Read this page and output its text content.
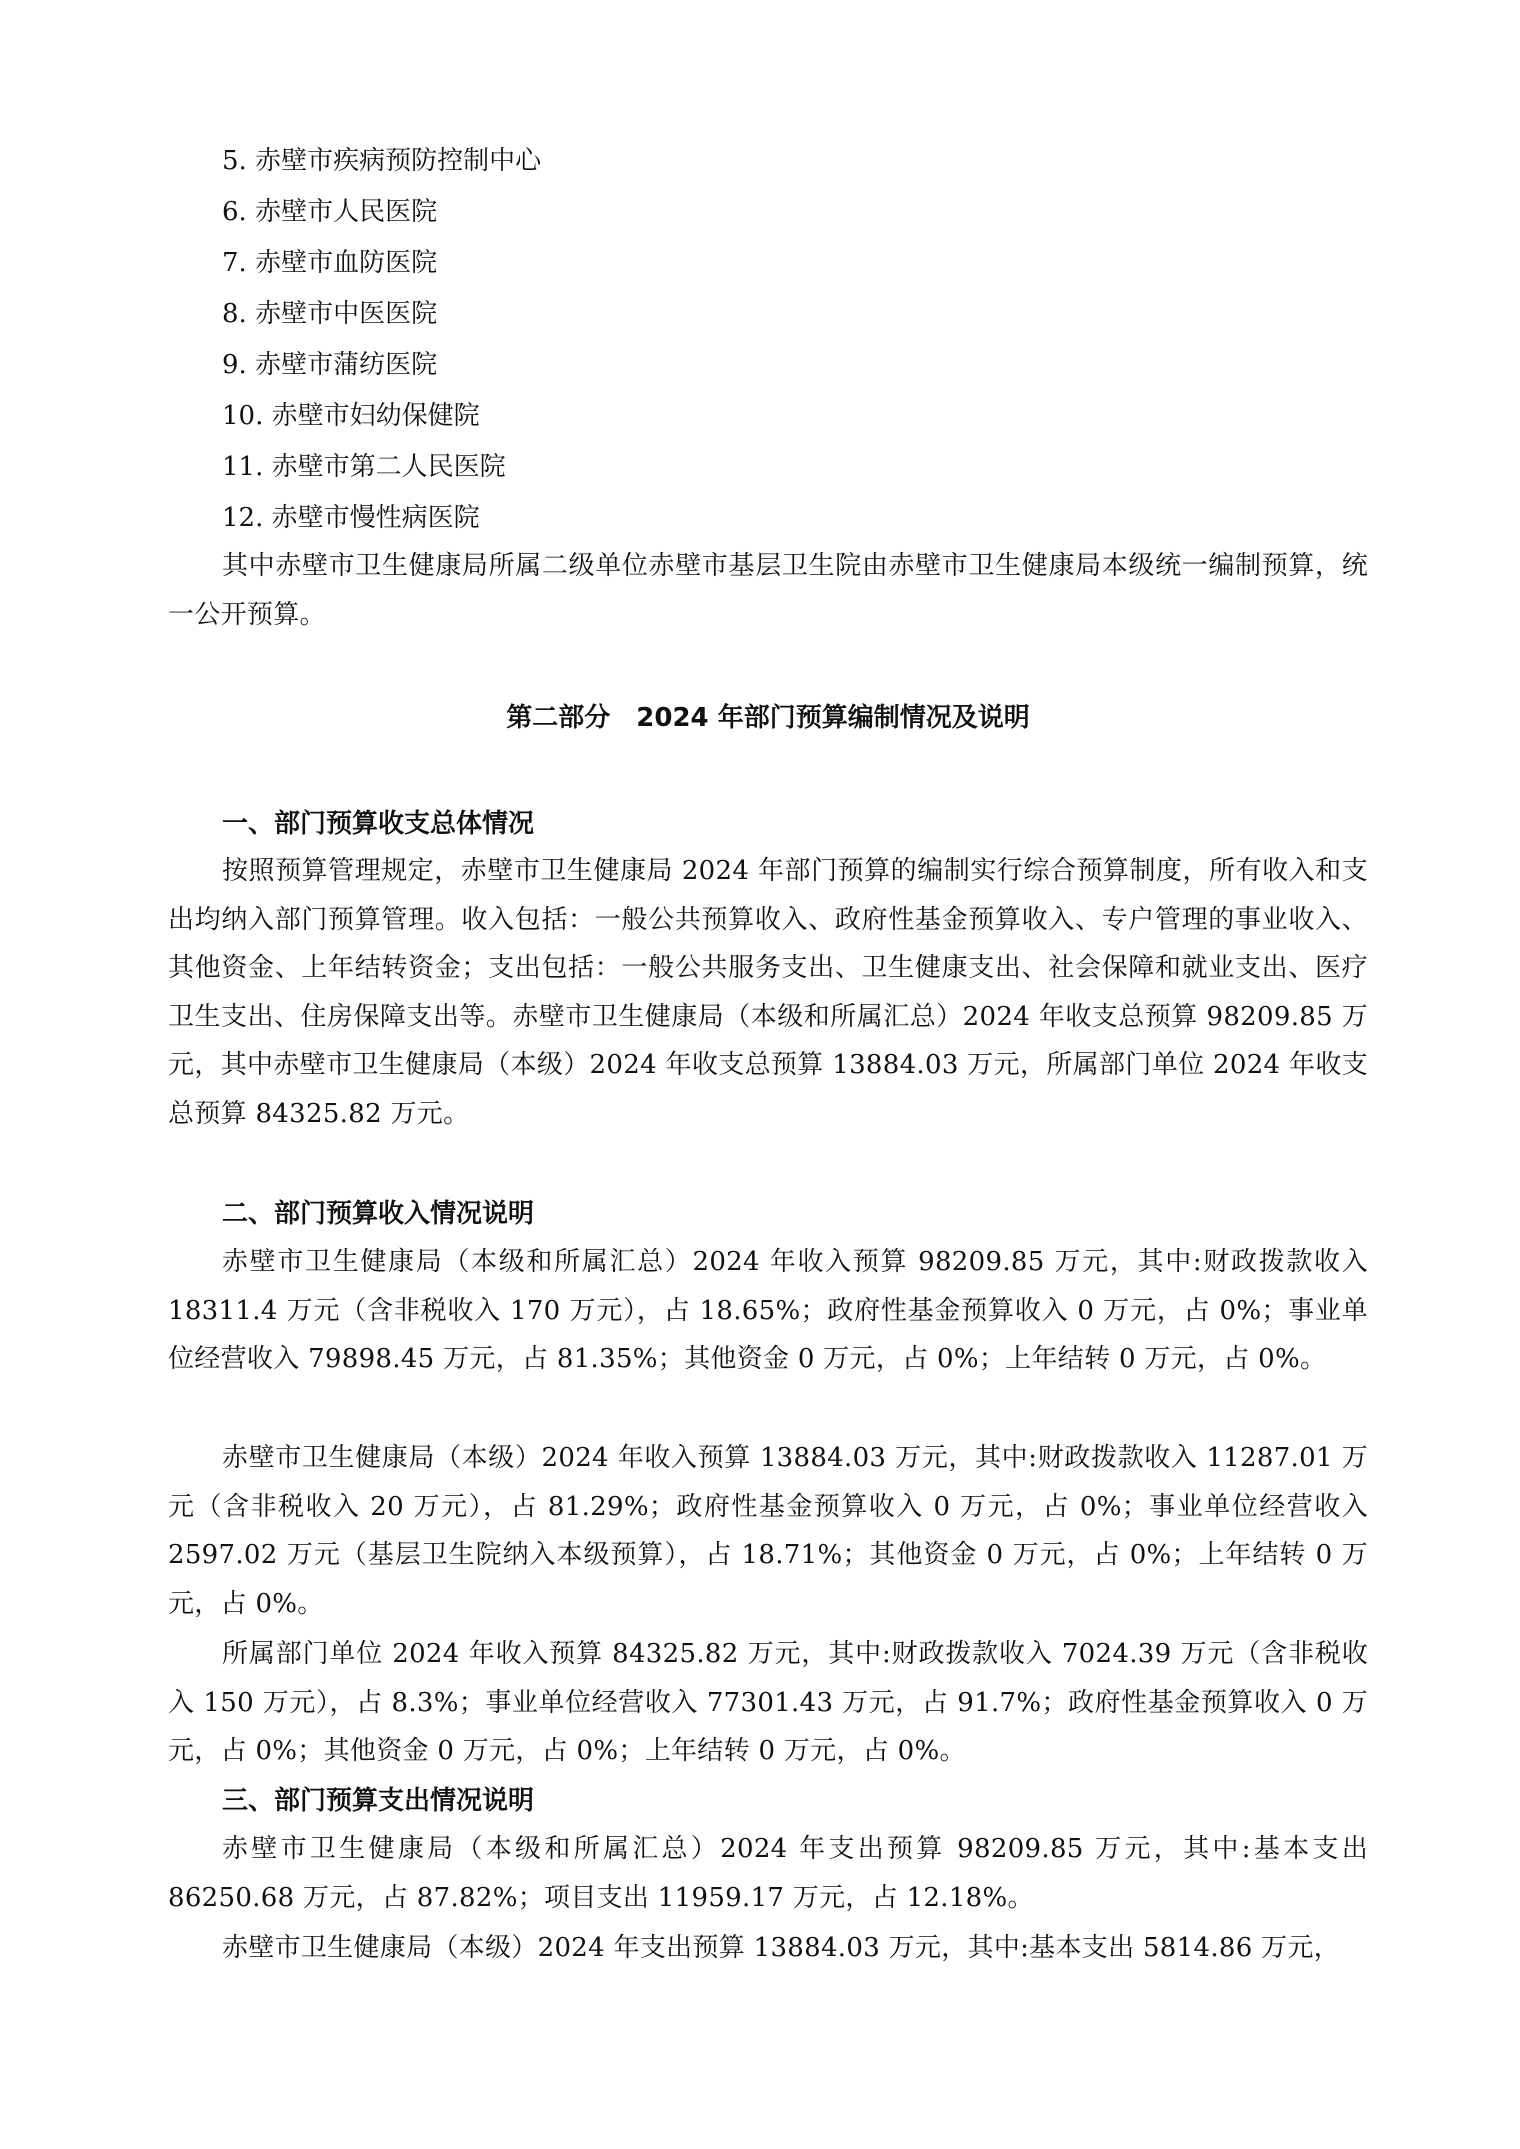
5. 赤壁市疾病预防控制中心
6. 赤壁市人民医院
7. 赤壁市血防医院
8. 赤壁市中医医院
9. 赤壁市蒲纺医院
10. 赤壁市妇幼保健院
11. 赤壁市第二人民医院
12. 赤壁市慢性病医院

其中赤壁市卫生健康局所属二级单位赤壁市基层卫生院由赤壁市卫生健康局本级统一编制预算，统一公开预算。

第二部分　2024 年部门预算编制情况及说明
一、部门预算收支总体情况

按照预算管理规定，赤壁市卫生健康局 2024 年部门预算的编制实行综合预算制度，所有收入和支出均纳入部门预算管理。收入包括：一般公共预算收入、政府性基金预算收入、专户管理的事业收入、其他资金、上年结转资金；支出包括：一般公共服务支出、卫生健康支出、社会保障和就业支出、医疗卫生支出、住房保障支出等。赤壁市卫生健康局（本级和所属汇总）2024 年收支总预算 98209.85 万元，其中赤壁市卫生健康局（本级）2024 年收支总预算 13884.03 万元，所属部门单位 2024 年收支总预算 84325.82 万元。

二、部门预算收入情况说明

赤壁市卫生健康局（本级和所属汇总）2024 年收入预算 98209.85 万元，其中:财政拨款收入 18311.4 万元（含非税收入 170 万元），占 18.65%；政府性基金预算收入 0 万元，占 0%；事业单位经营收入 79898.45 万元，占 81.35%；其他资金 0 万元，占 0%；上年结转 0 万元，占 0%。

赤壁市卫生健康局（本级）2024 年收入预算 13884.03 万元，其中:财政拨款收入 11287.01 万元（含非税收入 20 万元），占 81.29%；政府性基金预算收入 0 万元，占 0%；事业单位经营收入 2597.02 万元（基层卫生院纳入本级预算），占 18.71%；其他资金 0 万元，占 0%；上年结转 0 万元，占 0%。

所属部门单位 2024 年收入预算 84325.82 万元，其中:财政拨款收入 7024.39 万元（含非税收入 150 万元），占 8.3%；事业单位经营收入 77301.43 万元，占 91.7%；政府性基金预算收入 0 万元，占 0%；其他资金 0 万元，占 0%；上年结转 0 万元，占 0%。

三、部门预算支出情况说明

赤壁市卫生健康局（本级和所属汇总）2024 年支出预算 98209.85 万元，其中:基本支出 86250.68 万元，占 87.82%；项目支出 11959.17 万元，占 12.18%。

赤壁市卫生健康局（本级）2024 年支出预算 13884.03 万元，其中:基本支出 5814.86 万元，
